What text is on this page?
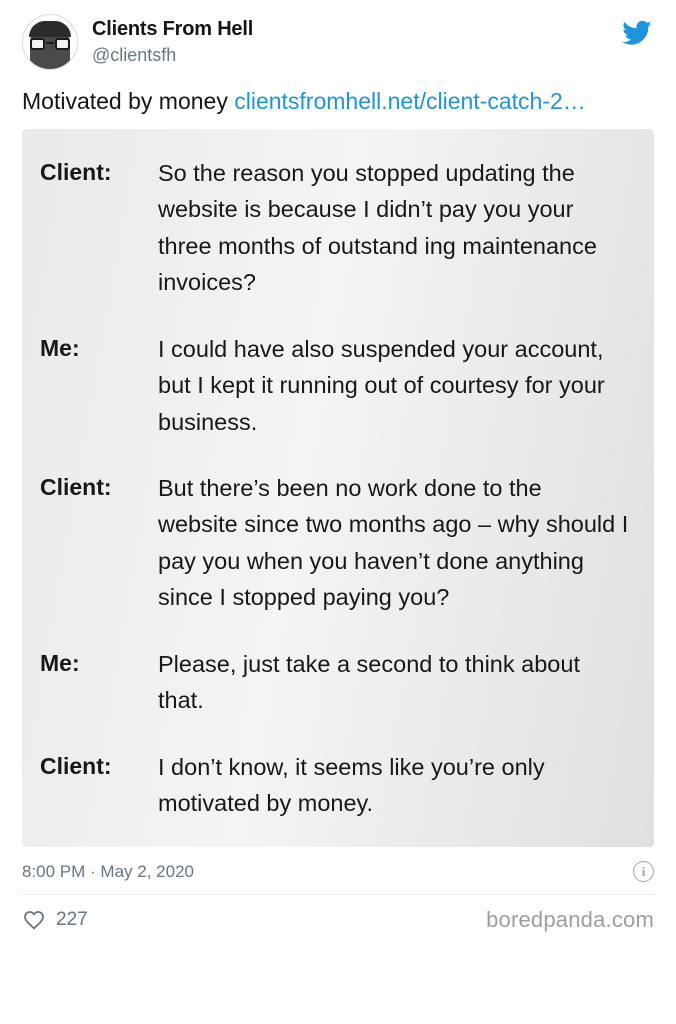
Clients From Hell
@clientsfh
Motivated by money clientsfromhell.net/client-catch-2…
Client:	So the reason you stopped updating the website is because I didn’t pay you your three months of outstand ing maintenance invoices?
Me:	I could have also suspended your account, but I kept it running out of courtesy for your business.
Client:	But there’s been no work done to the  website since two months ago – why should I pay you when you haven’t done anything since I stopped paying you?
Me:	Please, just take a second to think about that.
Client:	I don’t know, it seems like you’re only motivated by money.
8:00 PM · May 2, 2020	i
227	boredpanda.com
